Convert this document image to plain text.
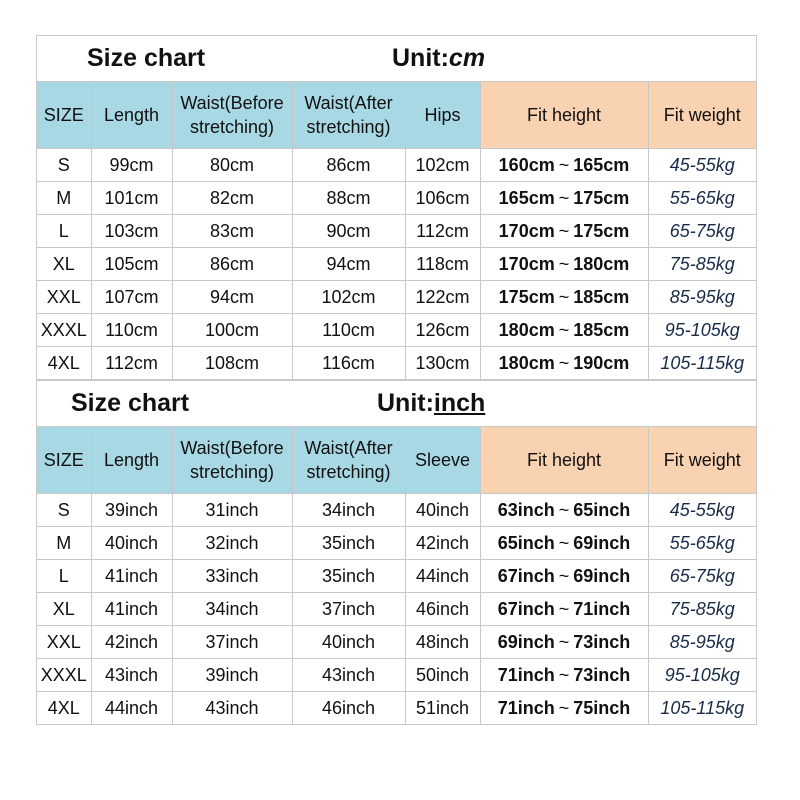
Size chart	Unit:cm
SIZE	Length	Waist(Before stretching)	Waist(After stretching)	Hips	Fit height	Fit weight
S	99cm	80cm	86cm	102cm	160cm ~ 165cm	45-55kg
M	101cm	82cm	88cm	106cm	165cm ~ 175cm	55-65kg
L	103cm	83cm	90cm	112cm	170cm ~ 175cm	65-75kg
XL	105cm	86cm	94cm	118cm	170cm ~ 180cm	75-85kg
XXL	107cm	94cm	102cm	122cm	175cm ~ 185cm	85-95kg
XXXL	110cm	100cm	110cm	126cm	180cm ~ 185cm	95-105kg
4XL	112cm	108cm	116cm	130cm	180cm ~ 190cm	105-115kg
Size chart	Unit:inch
SIZE	Length	Waist(Before stretching)	Waist(After stretching)	Sleeve	Fit height	Fit weight
S	39inch	31inch	34inch	40inch	63inch ~ 65inch	45-55kg
M	40inch	32inch	35inch	42inch	65inch ~ 69inch	55-65kg
L	41inch	33inch	35inch	44inch	67inch ~ 69inch	65-75kg
XL	41inch	34inch	37inch	46inch	67inch ~ 71inch	75-85kg
XXL	42inch	37inch	40inch	48inch	69inch ~ 73inch	85-95kg
XXXL	43inch	39inch	43inch	50inch	71inch ~ 73inch	95-105kg
4XL	44inch	43inch	46inch	51inch	71inch ~ 75inch	105-115kg
